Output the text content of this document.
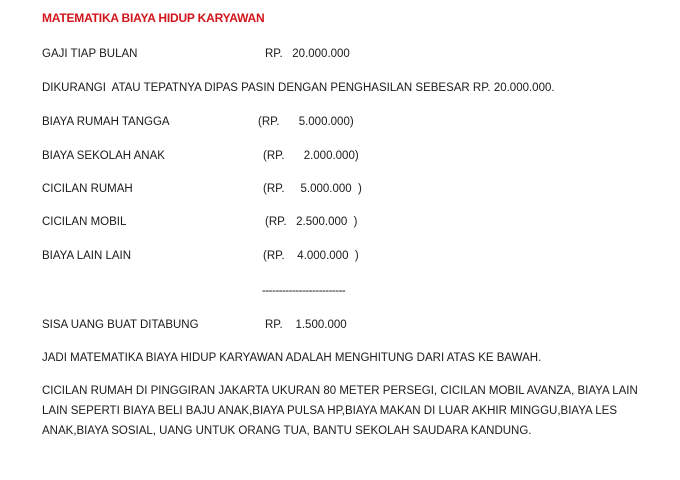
MATEMATIKA BIAYA HIDUP KARYAWAN
GAJI TIAP BULAN	RP.   20.000.000
DIKURANGI  ATAU TEPATNYA DIPAS PASIN DENGAN PENGHASILAN SEBESAR RP. 20.000.000.
BIAYA RUMAH TANGGA	(RP.      5.000.000)
BIAYA SEKOLAH ANAK	(RP.      2.000.000)
CICILAN RUMAH	(RP.     5.000.000  )
CICILAN MOBIL	(RP.   2.500.000  )
BIAYA LAIN LAIN	(RP.    4.000.000  )
-------------------------
SISA UANG BUAT DITABUNG	RP.    1.500.000
JADI MATEMATIKA BIAYA HIDUP KARYAWAN ADALAH MENGHITUNG DARI ATAS KE BAWAH.
CICILAN RUMAH DI PINGGIRAN JAKARTA UKURAN 80 METER PERSEGI, CICILAN MOBIL AVANZA, BIAYA LAIN LAIN SEPERTI BIAYA BELI BAJU ANAK,BIAYA PULSA HP,BIAYA MAKAN DI LUAR AKHIR MINGGU,BIAYA LES ANAK,BIAYA SOSIAL, UANG UNTUK ORANG TUA, BANTU SEKOLAH SAUDARA KANDUNG.
